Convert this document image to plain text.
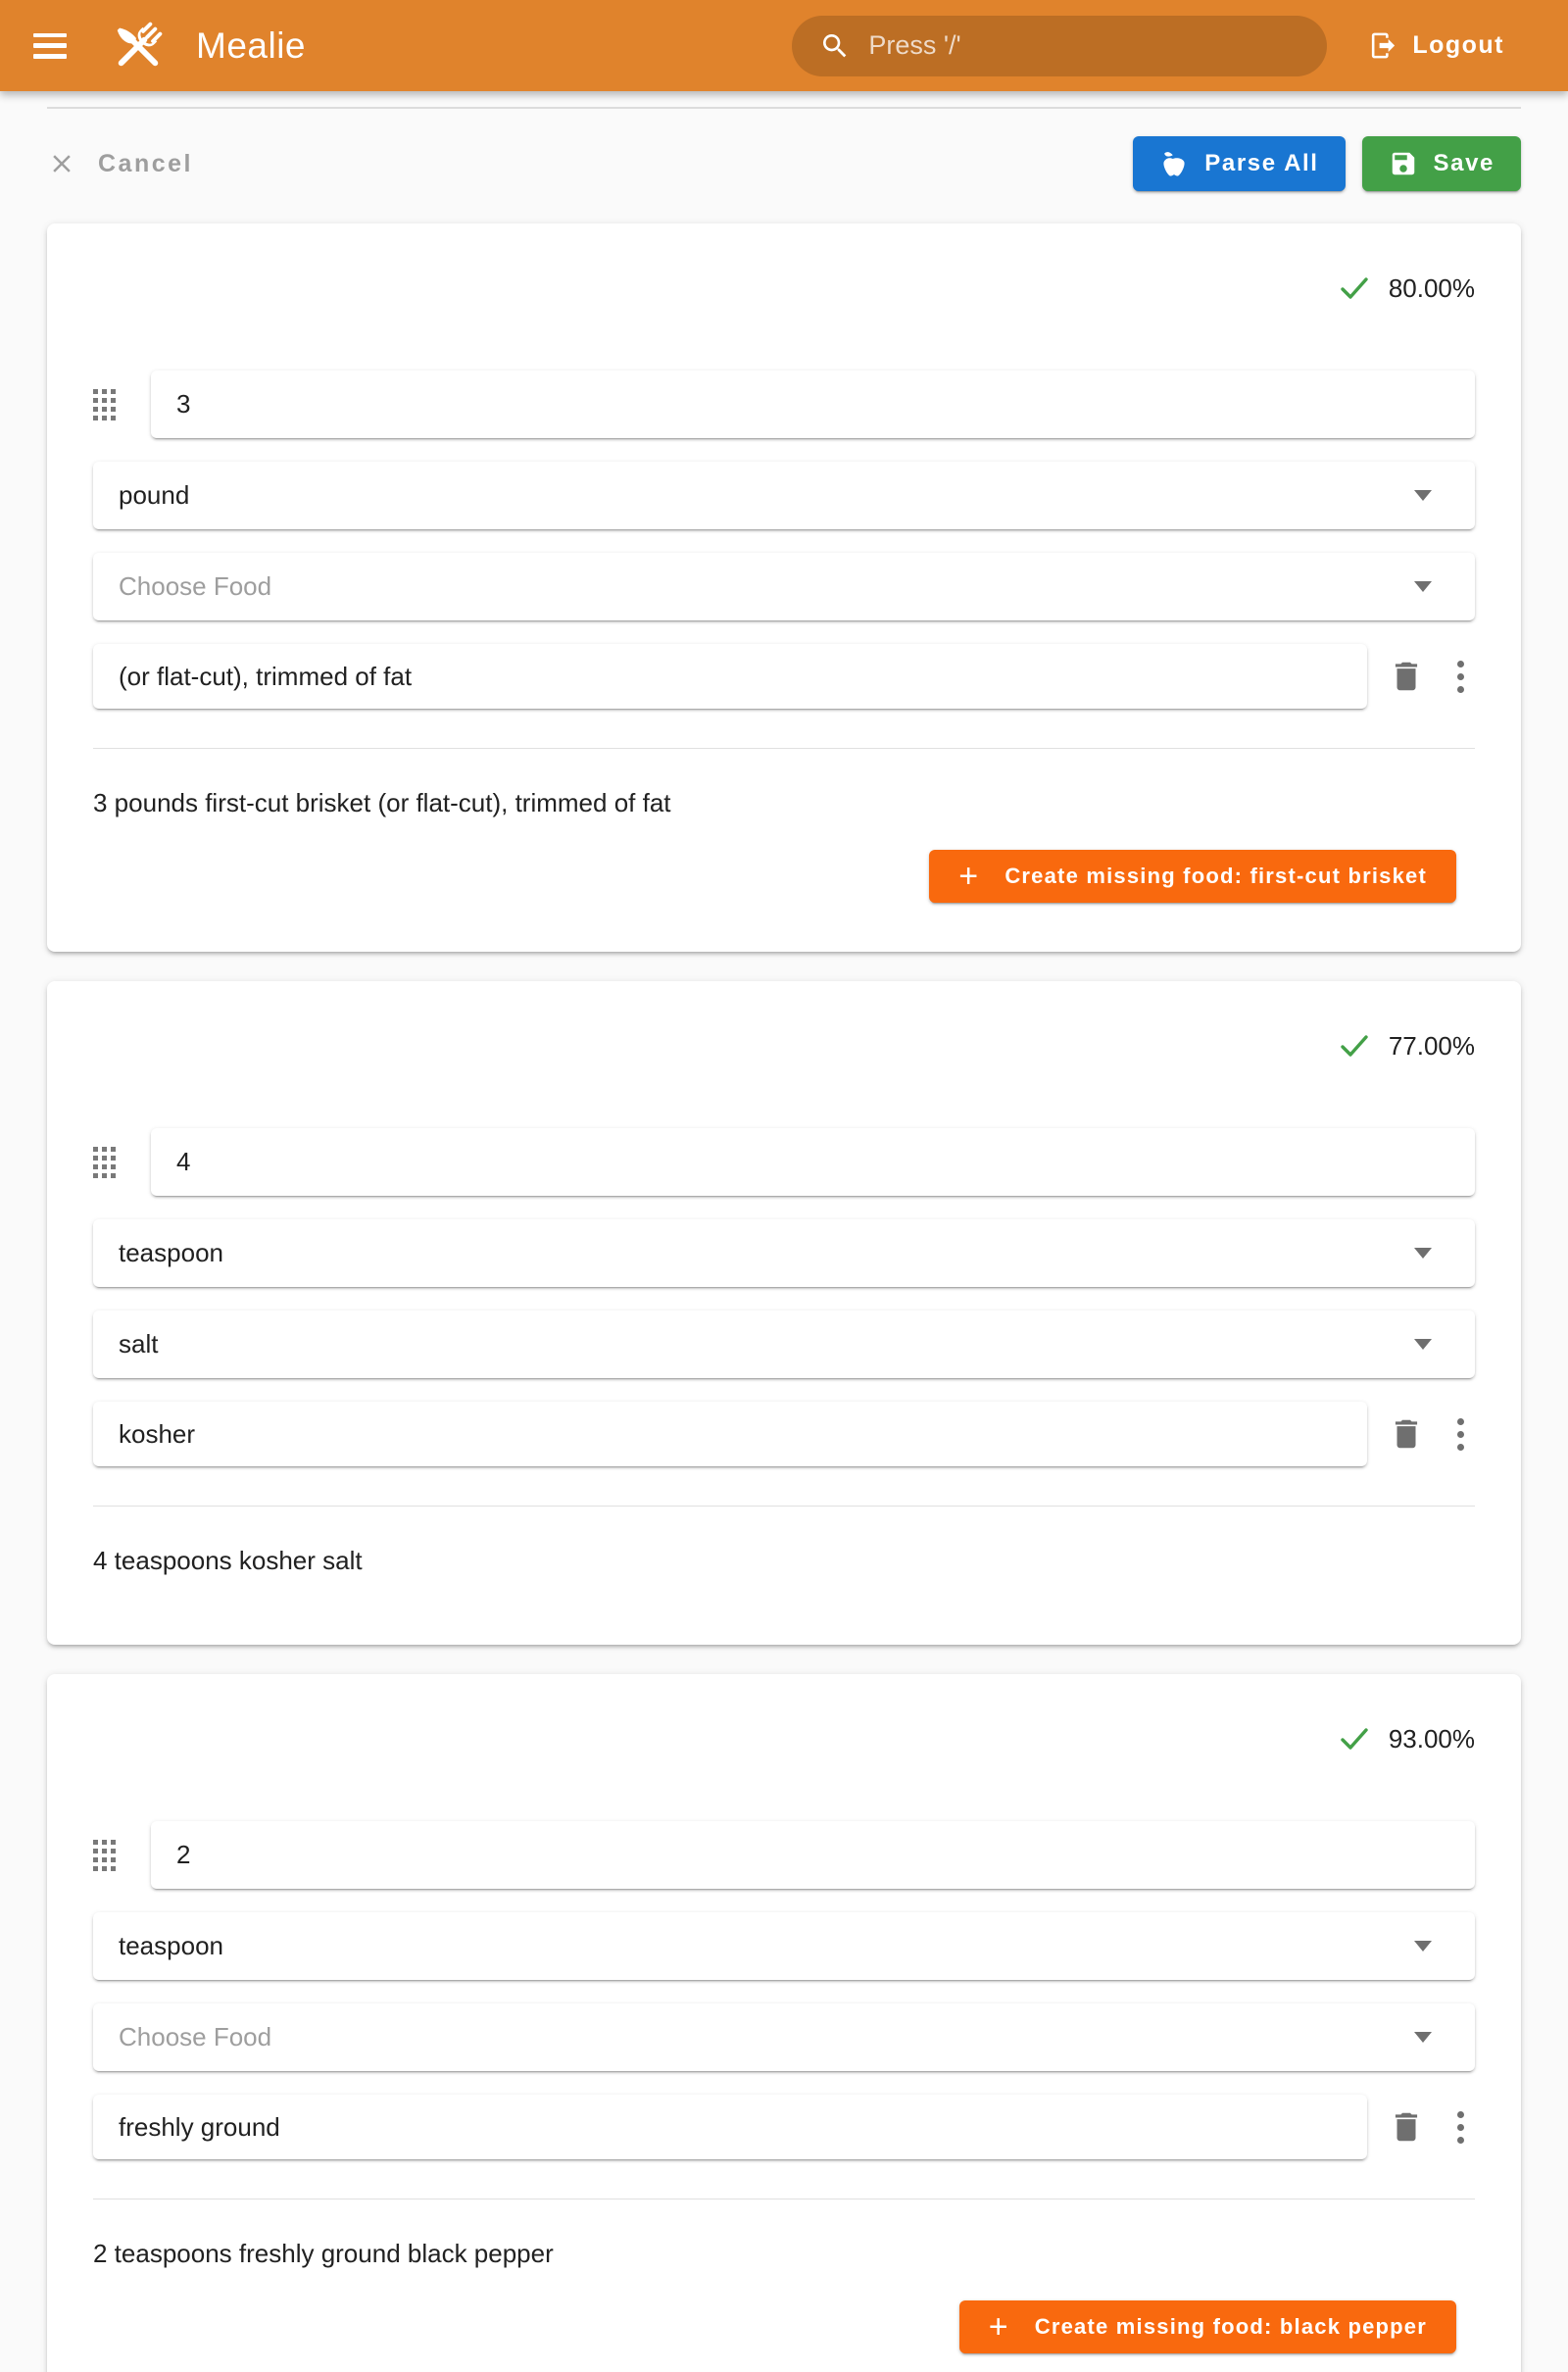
Mealie	Press '/'	Logout
Cancel	Parse All	Save
80.00%
3
pound
Choose Food
(or flat-cut), trimmed of fat

3 pounds first-cut brisket (or flat-cut), trimmed of fat

+
Create missing food: first-cut brisket
77.00%
4
teaspoon
salt
kosher

4 teaspoons kosher salt

93.00%
2
teaspoon
Choose Food
freshly ground

2 teaspoons freshly ground black pepper

+
Create missing food: black pepper
